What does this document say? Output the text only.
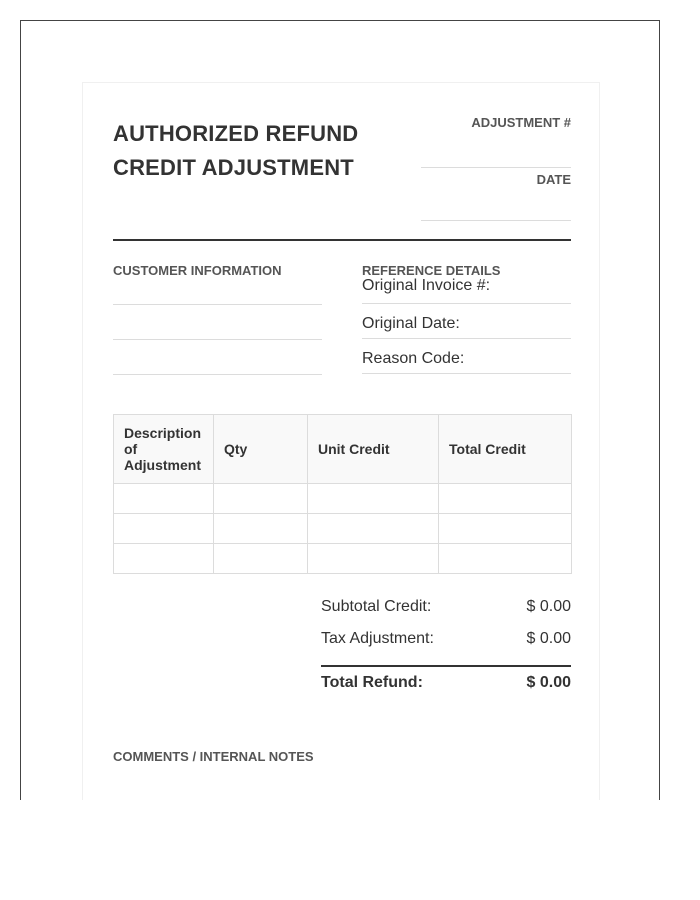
AUTHORIZED REFUND
CREDIT ADJUSTMENT
ADJUSTMENT #
DATE

CUSTOMER INFORMATION	REFERENCE DETAILS

Original Invoice #:
Original Date:
Reason Code:
Description of Adjustment	Qty	Unit Credit	Total Credit

Subtotal Credit:	$ 0.00
Tax Adjustment:	$ 0.00
Total Refund:	$ 0.00
COMMENTS / INTERNAL NOTES
